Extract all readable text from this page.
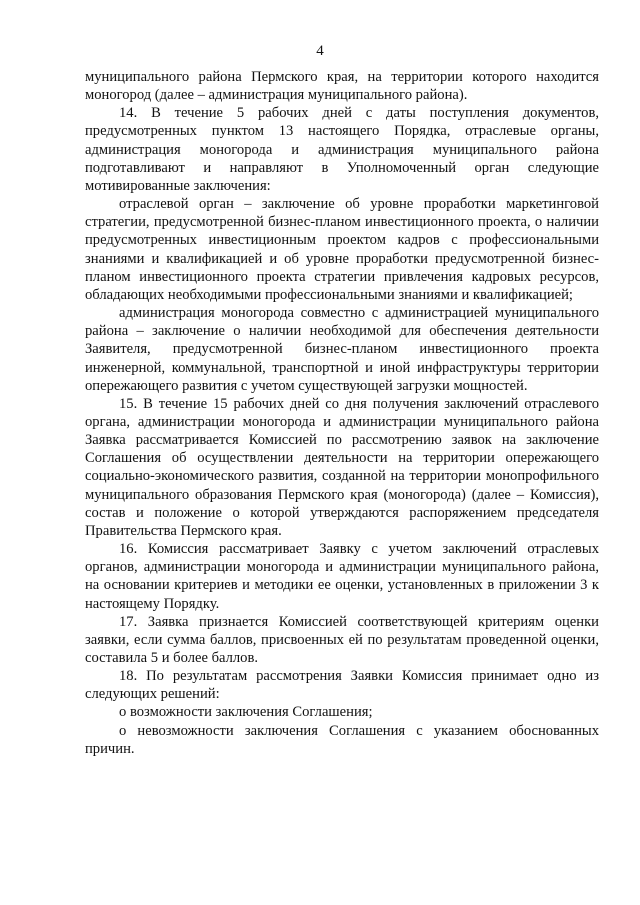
4

муниципального района Пермского края, на территории которого находится моногород (далее – администрация муниципального района).

14. В течение 5 рабочих дней с даты поступления документов, предусмотренных пунктом 13 настоящего Порядка, отраслевые органы, администрация моногорода и администрация муниципального района подготавливают и направляют в Уполномоченный орган следующие мотивированные заключения:

отраслевой орган – заключение об уровне проработки маркетинговой стратегии, предусмотренной бизнес-планом инвестиционного проекта, о наличии предусмотренных инвестиционным проектом кадров с профессиональными знаниями и квалификацией и об уровне проработки предусмотренной бизнес-планом инвестиционного проекта стратегии привлечения кадровых ресурсов, обладающих необходимыми профессиональными знаниями и квалификацией;

администрация моногорода совместно с администрацией муниципального района – заключение о наличии необходимой для обеспечения деятельности Заявителя, предусмотренной бизнес-планом инвестиционного проекта инженерной, коммунальной, транспортной и иной инфраструктуры территории опережающего развития с учетом существующей загрузки мощностей.

15. В течение 15 рабочих дней со дня получения заключений отраслевого органа, администрации моногорода и администрации муниципального района Заявка рассматривается Комиссией по рассмотрению заявок на заключение Соглашения об осуществлении деятельности на территории опережающего социально-экономического развития, созданной на территории монопрофильного муниципального образования Пермского края (моногорода) (далее – Комиссия), состав и положение о которой утверждаются распоряжением председателя Правительства Пермского края.

16. Комиссия рассматривает Заявку с учетом заключений отраслевых органов, администрации моногорода и администрации муниципального района, на основании критериев и методики ее оценки, установленных в приложении 3 к настоящему Порядку.

17. Заявка признается Комиссией соответствующей критериям оценки заявки, если сумма баллов, присвоенных ей по результатам проведенной оценки, составила 5 и более баллов.

18. По результатам рассмотрения Заявки Комиссия принимает одно из следующих решений:

о возможности заключения Соглашения;

о невозможности заключения Соглашения с указанием обоснованных причин.
